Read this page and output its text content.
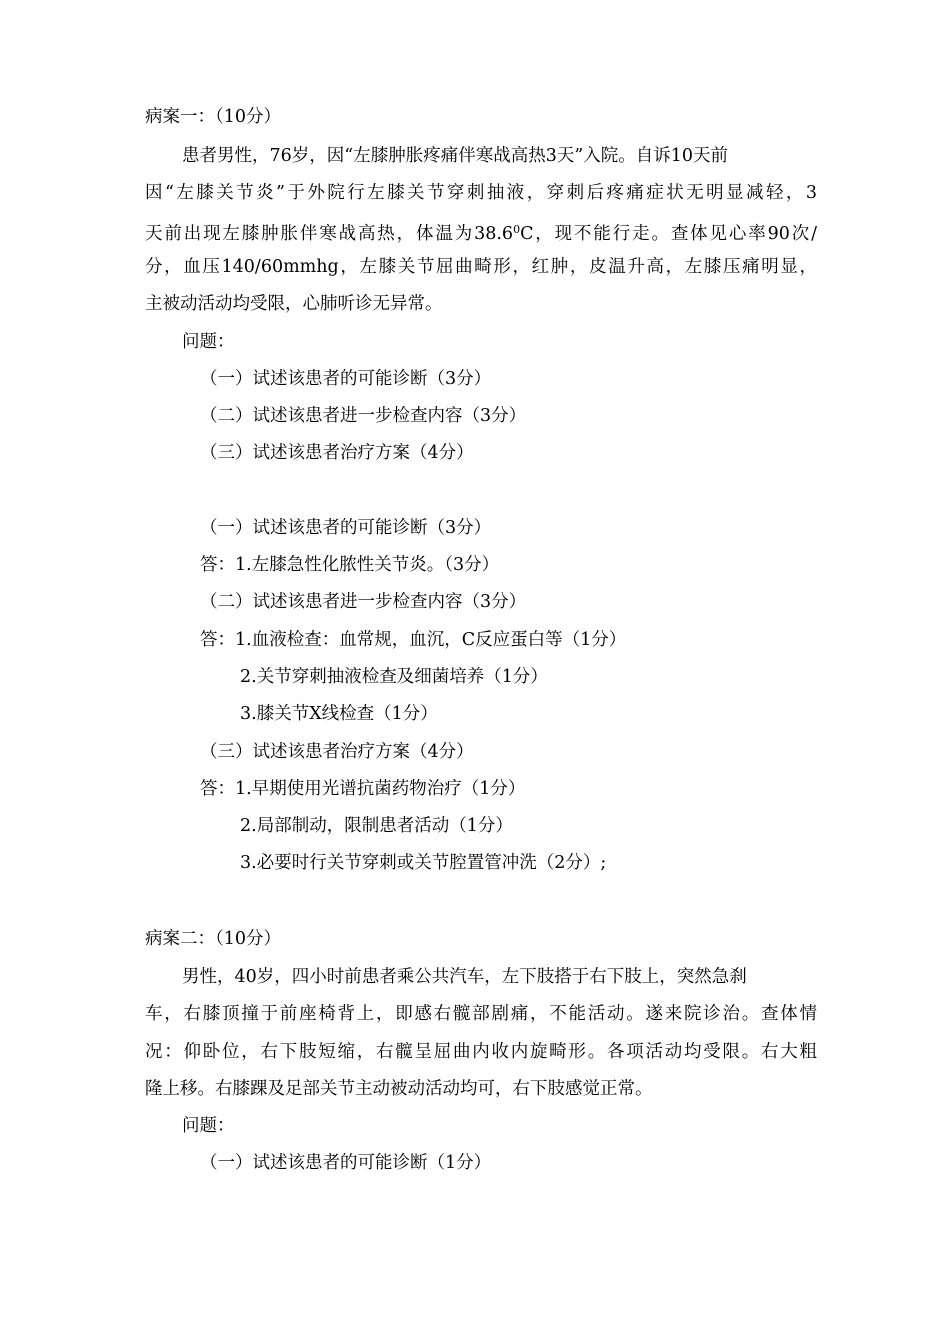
病案一：（10分）
患者男性，76岁，因“左膝肿胀疼痛伴寒战高热3天”入院。自诉10天前
因“左膝关节炎”于外院行左膝关节穿刺抽液，穿刺后疼痛症状无明显减轻，3
天前出现左膝肿胀伴寒战高热，体温为38.6$^0$C，现不能行走。查体见心率90次/
分，血压140/60mmhg，左膝关节屈曲畸形，红肿，皮温升高，左膝压痛明显，
主被动活动均受限，心肺听诊无异常。
问题：
（一）试述该患者的可能诊断（3分）
（二）试述该患者进一步检查内容（3分）
（三）试述该患者治疗方案（4分）
（一）试述该患者的可能诊断（3分）
答：1.左膝急性化脓性关节炎。（3分）
（二）试述该患者进一步检查内容（3分）
答：1.血液检查：血常规，血沉，C反应蛋白等（1分）
2.关节穿刺抽液检查及细菌培养（1分）
3.膝关节X线检查（1分）
（三）试述该患者治疗方案（4分）
答：1.早期使用光谱抗菌药物治疗（1分）
2.局部制动，限制患者活动（1分）
3.必要时行关节穿刺或关节腔置管冲洗（2分）;
病案二：（10分）
男性，40岁，四小时前患者乘公共汽车，左下肢搭于右下肢上，突然急刹
车，右膝顶撞于前座椅背上，即感右髋部剧痛，不能活动。遂来院诊治。查体情
况：仰卧位，右下肢短缩，右髋呈屈曲内收内旋畸形。各项活动均受限。右大粗
隆上移。右膝踝及足部关节主动被动活动均可，右下肢感觉正常。
问题：
（一）试述该患者的可能诊断（1分）
